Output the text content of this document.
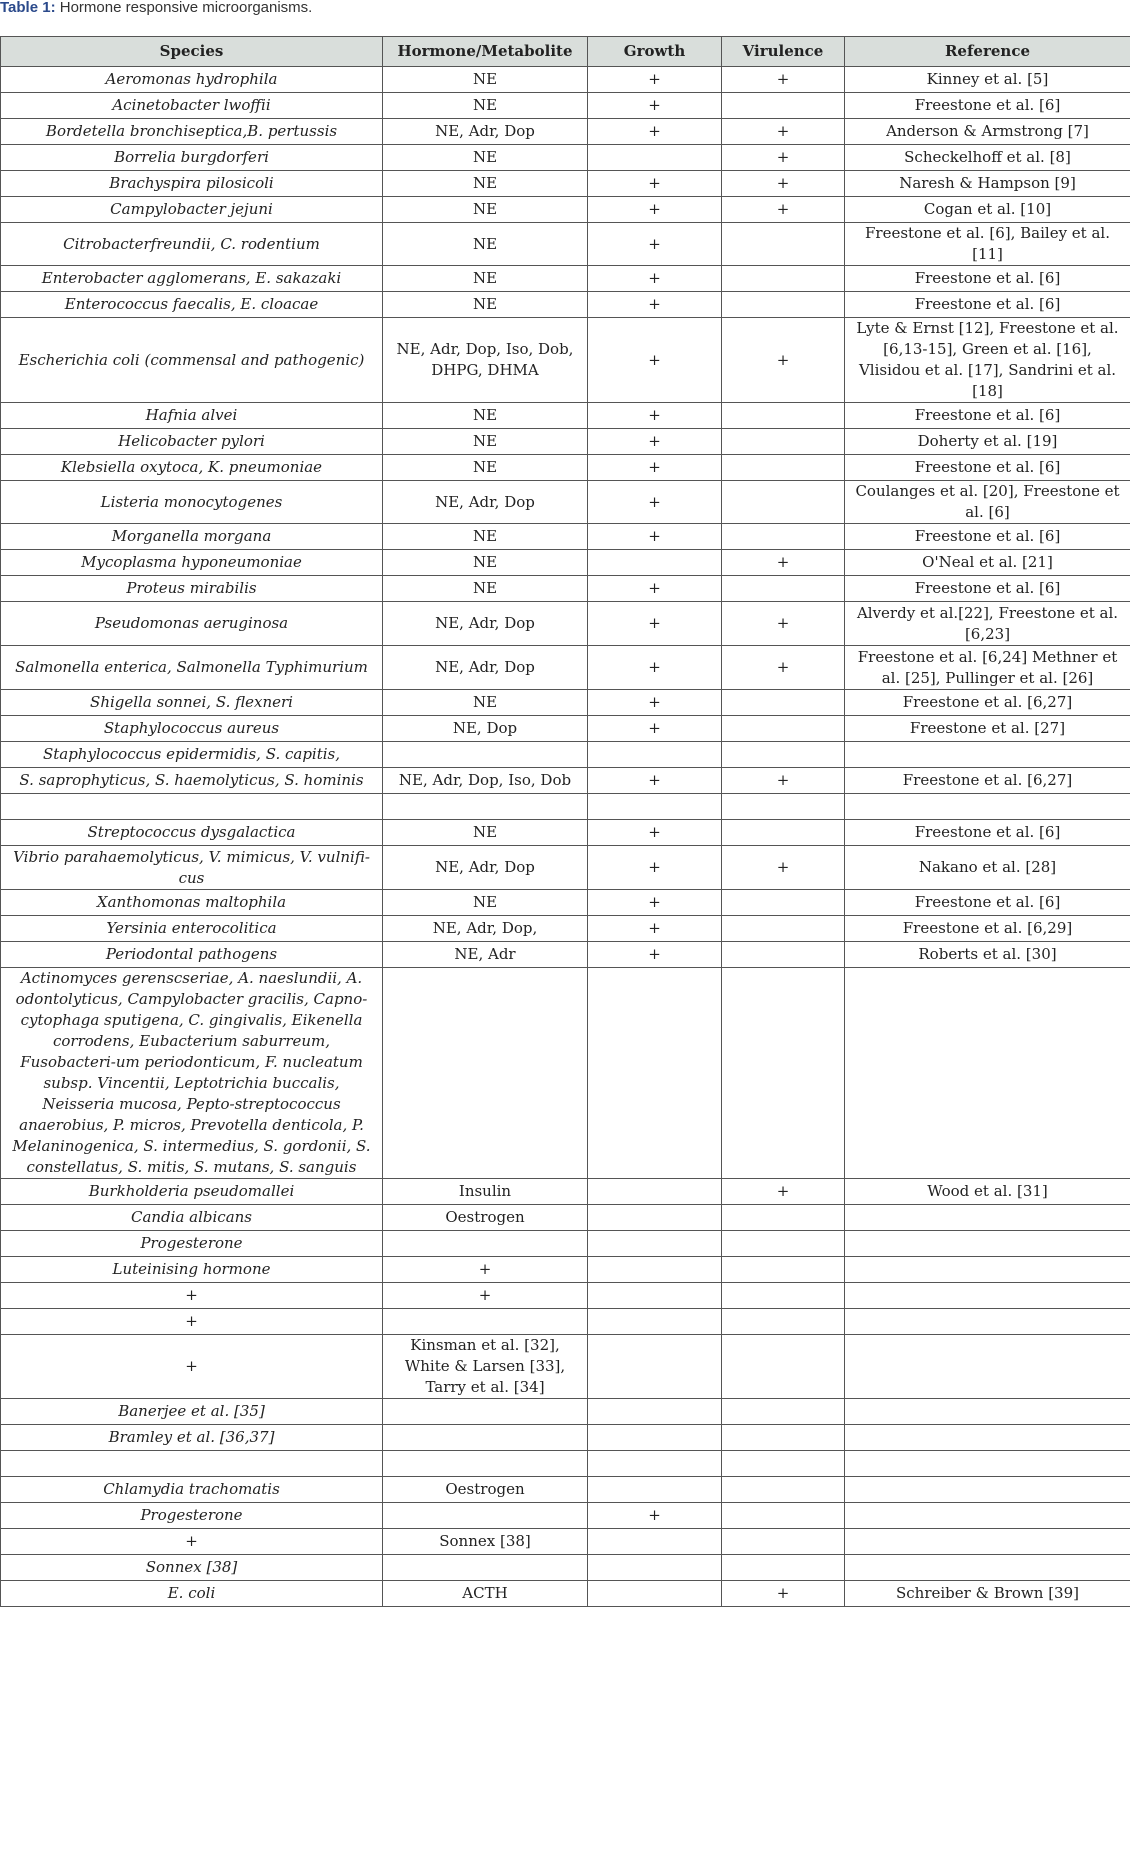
Table 1: Hormone responsive microorganisms.
Species	Hormone/Metabolite	Growth	Virulence	Reference
Aeromonas hydrophila	NE	+	+	Kinney et al. [5]
Acinetobacter lwoffii	NE	+		Freestone et al. [6]
Bordetella bronchiseptica,B. pertussis	NE, Adr, Dop	+	+	Anderson & Armstrong [7]
Borrelia burgdorferi	NE		+	Scheckelhoff et al. [8]
Brachyspira pilosicoli	NE	+	+	Naresh & Hampson [9]
Campylobacter jejuni	NE	+	+	Cogan et al. [10]
Citrobacterfreundii, C. rodentium	NE	+		Freestone et al. [6], Bailey et al. [11]
Enterobacter agglomerans, E. sakazaki	NE	+		Freestone et al. [6]
Enterococcus faecalis, E. cloacae	NE	+		Freestone et al. [6]
Escherichia coli (commensal and pathogenic)	NE, Adr, Dop, Iso, Dob, DHPG, DHMA	+	+	Lyte & Ernst [12], Freestone et al. [6,13-15], Green et al. [16], Vlisidou et al. [17], Sandrini et al. [18]
Hafnia alvei	NE	+		Freestone et al. [6]
Helicobacter pylori	NE	+		Doherty et al. [19]
Klebsiella oxytoca, K. pneumoniae	NE	+		Freestone et al. [6]
Listeria monocytogenes	NE, Adr, Dop	+		Coulanges et al. [20], Freestone et al. [6]
Morganella morgana	NE	+		Freestone et al. [6]
Mycoplasma hyponeumoniae	NE		+	O'Neal et al. [21]
Proteus mirabilis	NE	+		Freestone et al. [6]
Pseudomonas aeruginosa	NE, Adr, Dop	+	+	Alverdy et al.[22], Freestone et al. [6,23]
Salmonella enterica, Salmonella Typhimurium	NE, Adr, Dop	+	+	Freestone et al. [6,24] Methner et al. [25], Pullinger et al. [26]
Shigella sonnei, S. flexneri	NE	+		Freestone et al. [6,27]
Staphylococcus aureus	NE, Dop	+		Freestone et al. [27]
Staphylococcus epidermidis, S. capitis,				
S. saprophyticus, S. haemolyticus, S. hominis	NE, Adr, Dop, Iso, Dob	+	+	Freestone et al. [6,27]

Streptococcus dysgalactica	NE	+		Freestone et al. [6]
Vibrio parahaemolyticus, V. mimicus, V. vulnifi-cus	NE, Adr, Dop	+	+	Nakano et al. [28]
Xanthomonas maltophila	NE	+		Freestone et al. [6]
Yersinia enterocolitica	NE, Adr, Dop,	+		Freestone et al. [6,29]
Periodontal pathogens	NE, Adr	+		Roberts et al. [30]
Actinomyces gerenscseriae, A. naeslundii, A. odontolyticus, Campylobacter gracilis, Capno-cytophaga sputigena, C. gingivalis, Eikenella corrodens, Eubacterium saburreum, Fusobacteri-um periodonticum, F. nucleatum subsp. Vincentii, Leptotrichia buccalis, Neisseria mucosa, Pepto-streptococcus anaerobius, P. micros, Prevotella denticola, P. Melaninogenica, S. intermedius, S. gordonii, S. constellatus, S. mitis, S. mutans, S. sanguis				
Burkholderia pseudomallei	Insulin		+	Wood et al. [31]
Candia albicans	Oestrogen			
Progesterone				
Luteinising hormone	+			
+	+			
+				
+	Kinsman et al. [32], White & Larsen [33], Tarry et al. [34]			
Banerjee et al. [35]				
Bramley et al. [36,37]				

Chlamydia trachomatis	Oestrogen			
Progesterone		+		
+	Sonnex [38]			
Sonnex [38]				
E. coli	ACTH		+	Schreiber & Brown [39]
